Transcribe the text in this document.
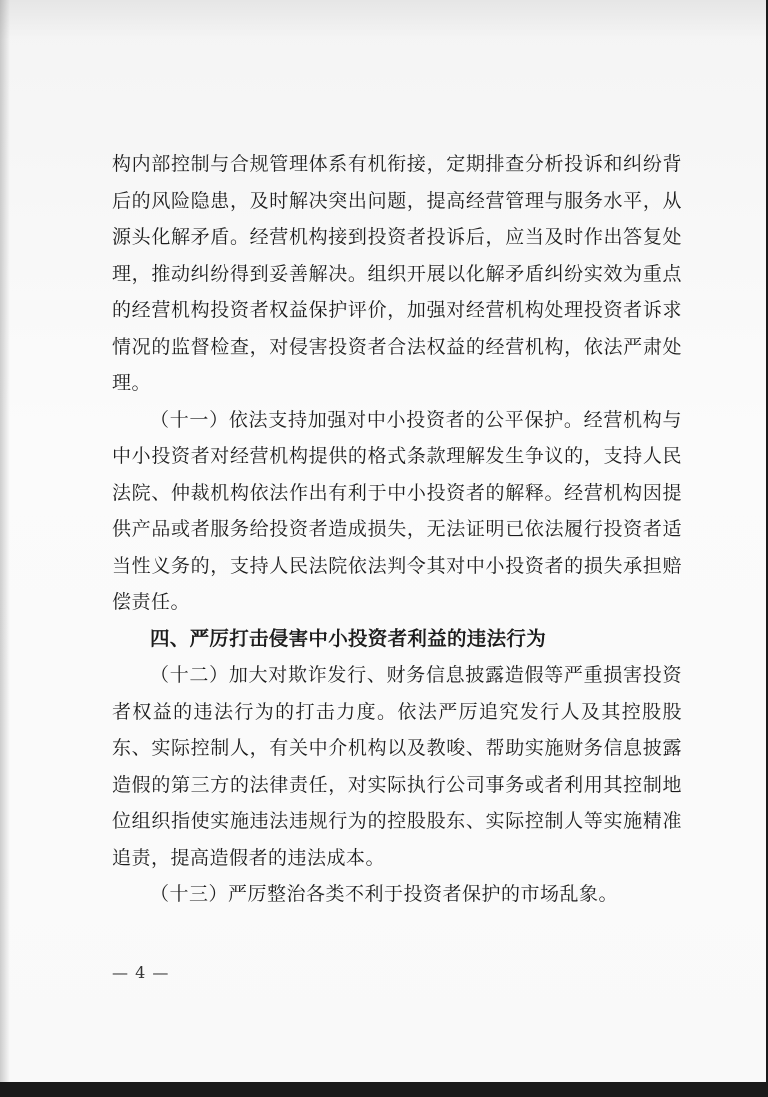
构内部控制与合规管理体系有机衔接，定期排查分析投诉和纠纷背后的风险隐患，及时解决突出问题，提高经营管理与服务水平，从源头化解矛盾。经营机构接到投资者投诉后，应当及时作出答复处理，推动纠纷得到妥善解决。组织开展以化解矛盾纠纷实效为重点的经营机构投资者权益保护评价，加强对经营机构处理投资者诉求情况的监督检查，对侵害投资者合法权益的经营机构，依法严肃处理。

（十一）依法支持加强对中小投资者的公平保护。经营机构与中小投资者对经营机构提供的格式条款理解发生争议的，支持人民法院、仲裁机构依法作出有利于中小投资者的解释。经营机构因提供产品或者服务给投资者造成损失，无法证明已依法履行投资者适当性义务的，支持人民法院依法判令其对中小投资者的损失承担赔偿责任。

四、严厉打击侵害中小投资者利益的违法行为

（十二）加大对欺诈发行、财务信息披露造假等严重损害投资者权益的违法行为的打击力度。依法严厉追究发行人及其控股股东、实际控制人，有关中介机构以及教唆、帮助实施财务信息披露造假的第三方的法律责任，对实际执行公司事务或者利用其控制地位组织指使实施违法违规行为的控股股东、实际控制人等实施精准追责，提高造假者的违法成本。

（十三）严厉整治各类不利于投资者保护的市场乱象。

— 4 —
